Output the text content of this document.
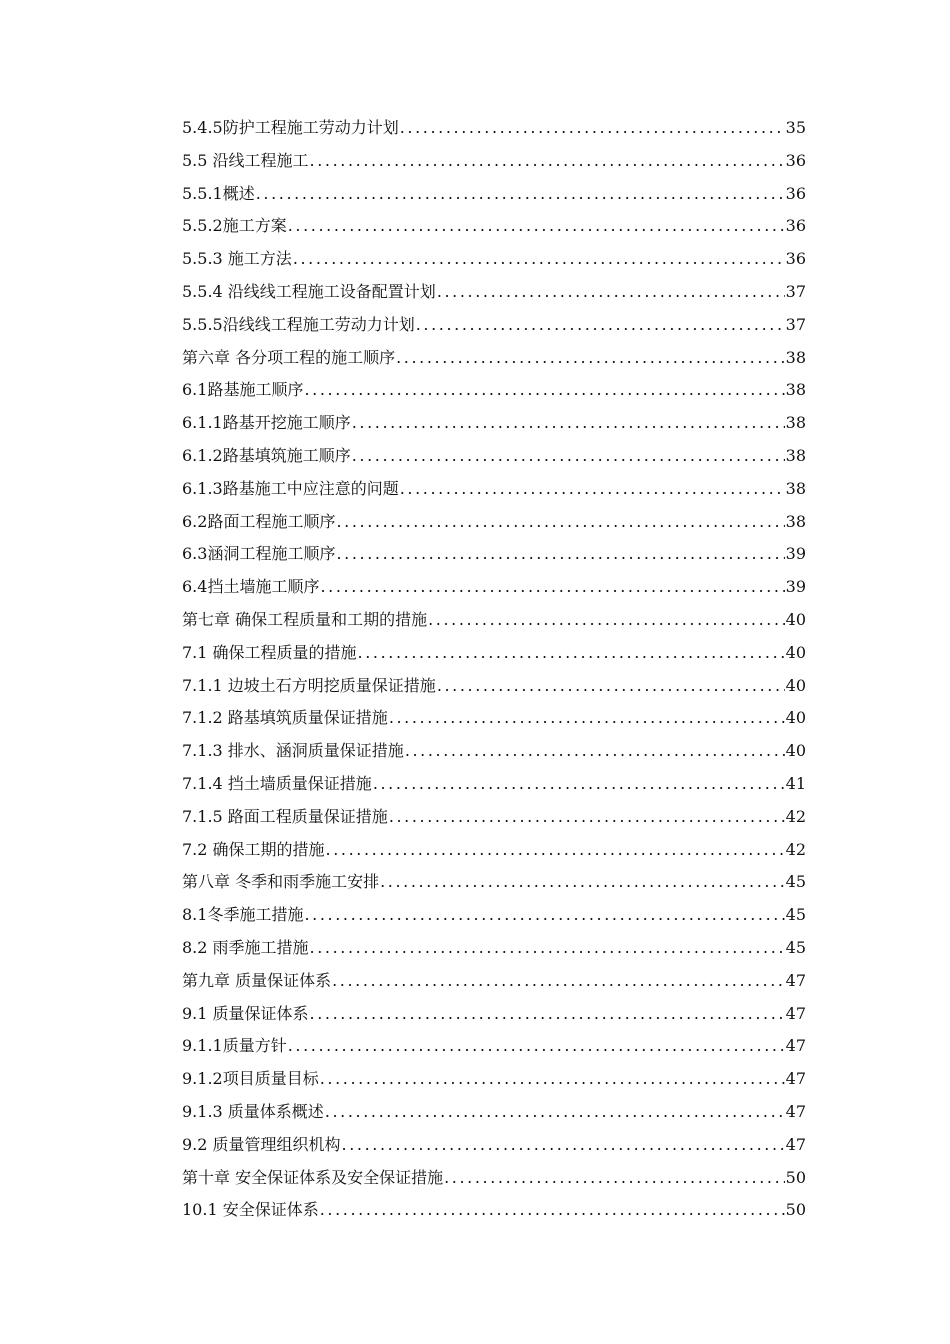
5.4.5防护工程施工劳动力计划 .....	35
5.5 沿线工程施工 .....	36
5.5.1概述 .....	36
5.5.2施工方案 .....	36
5.5.3 施工方法 .....	36
5.5.4 沿线线工程施工设备配置计划 .....	37
5.5.5沿线线工程施工劳动力计划 .....	37
第六章 各分项工程的施工顺序 .....	38
6.1路基施工顺序 .....	38
6.1.1路基开挖施工顺序 .....	38
6.1.2路基填筑施工顺序 .....	38
6.1.3路基施工中应注意的问题 .....	38
6.2路面工程施工顺序 .....	38
6.3涵洞工程施工顺序 .....	39
6.4挡土墙施工顺序 .....	39
第七章 确保工程质量和工期的措施 .....	40
7.1 确保工程质量的措施 .....	40
7.1.1 边坡土石方明挖质量保证措施 .....	40
7.1.2 路基填筑质量保证措施 .....	40
7.1.3 排水、涵洞质量保证措施 .....	40
7.1.4 挡土墙质量保证措施 .....	41
7.1.5 路面工程质量保证措施 .....	42
7.2 确保工期的措施 .....	42
第八章 冬季和雨季施工安排 .....	45
8.1冬季施工措施 .....	45
8.2 雨季施工措施 .....	45
第九章 质量保证体系 .....	47
9.1 质量保证体系 .....	47
9.1.1质量方针 .....	47
9.1.2项目质量目标 .....	47
9.1.3 质量体系概述 .....	47
9.2 质量管理组织机构 .....	47
第十章 安全保证体系及安全保证措施 .....	50
10.1 安全保证体系 .....	50
